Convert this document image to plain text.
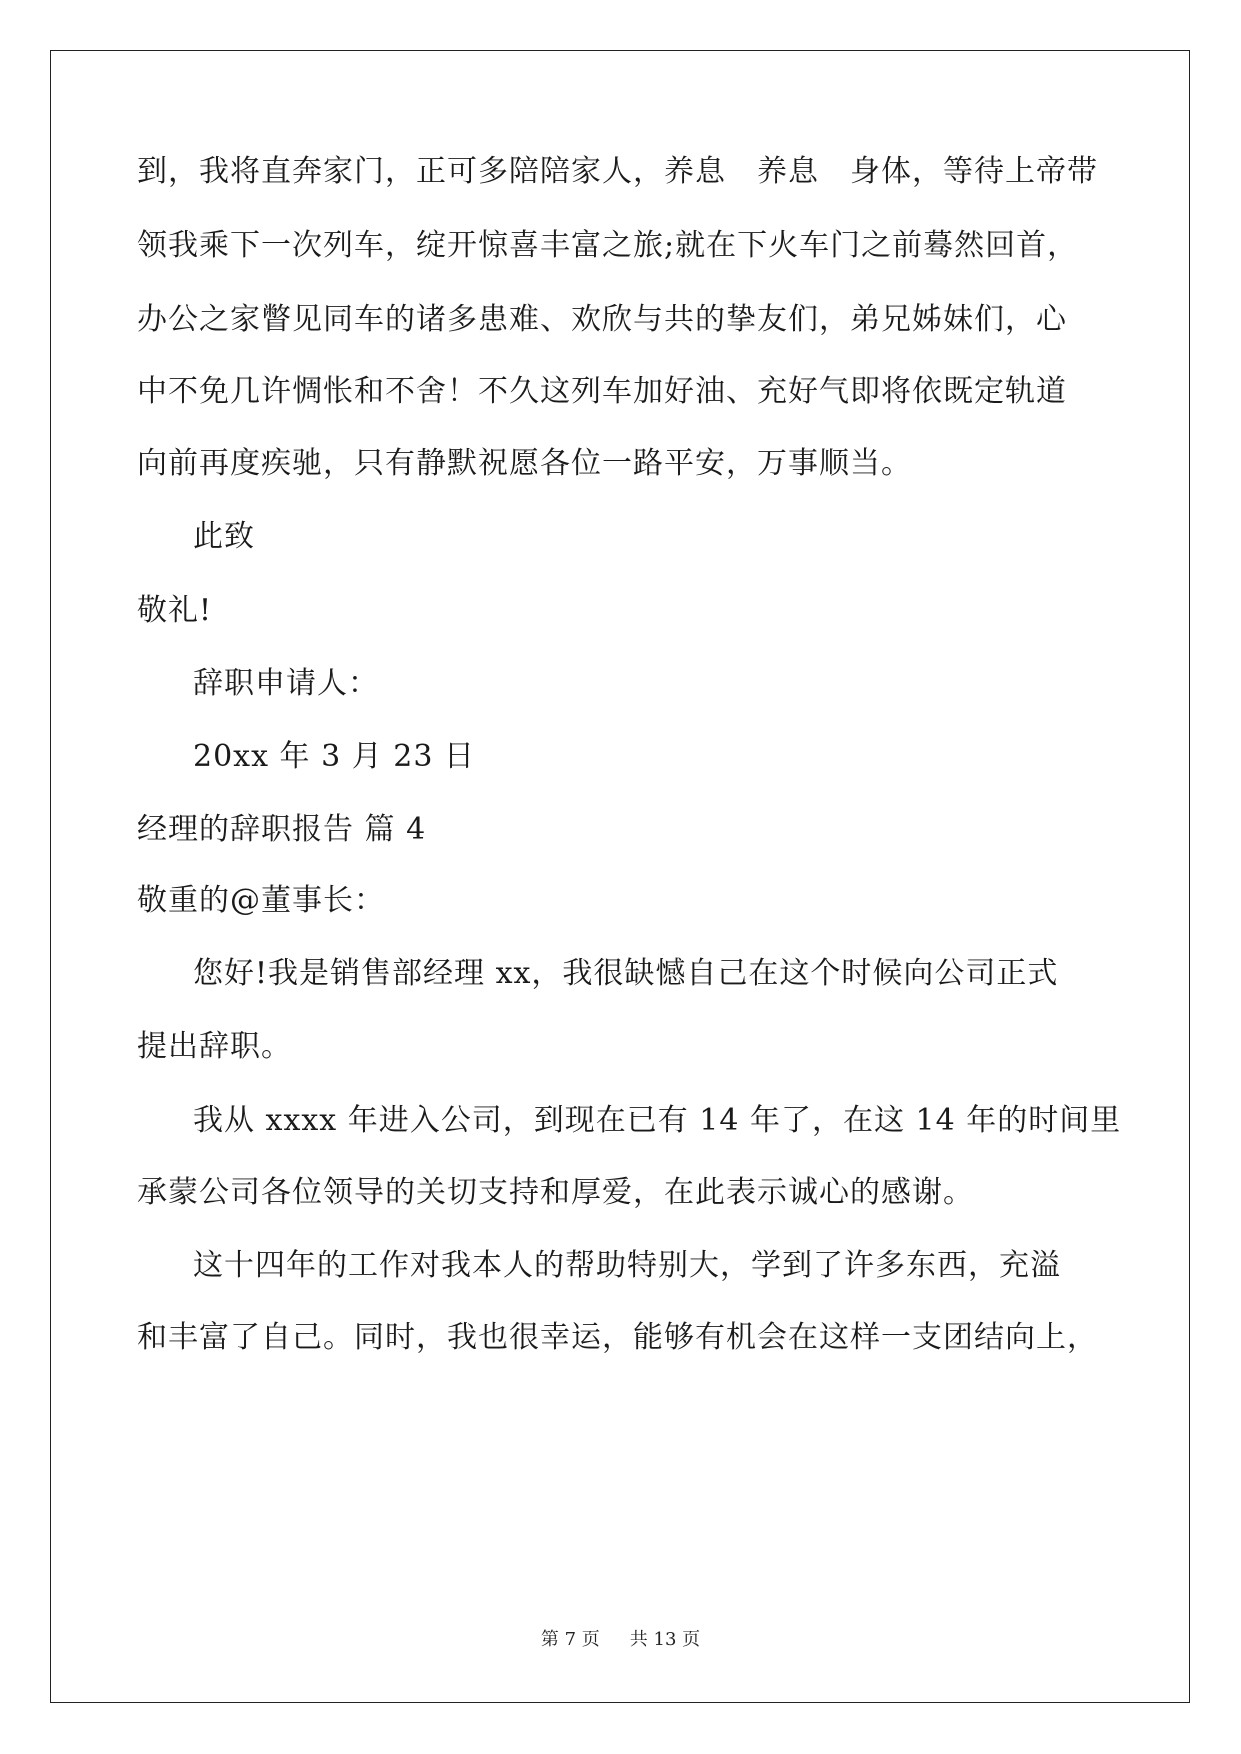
到，我将直奔家门，正可多陪陪家人，养息　养息　身体，等待上帝带
领我乘下一次列车，绽开惊喜丰富之旅;就在下火车门之前蓦然回首，
办公之家瞥见同车的诸多患难、欢欣与共的挚友们，弟兄姊妹们，心
中不免几许惆怅和不舍！不久这列车加好油、充好气即将依既定轨道
向前再度疾驰，只有静默祝愿各位一路平安，万事顺当。
此致
敬礼!
辞职申请人：
20xx 年 3 月 23 日
经理的辞职报告 篇 4
敬重的@董事长：
您好!我是销售部经理 xx，我很缺憾自己在这个时候向公司正式
提出辞职。
我从 xxxx 年进入公司，到现在已有 14 年了，在这 14 年的时间里
承蒙公司各位领导的关切支持和厚爱，在此表示诚心的感谢。
这十四年的工作对我本人的帮助特别大，学到了许多东西，充溢
和丰富了自己。同时，我也很幸运，能够有机会在这样一支团结向上，
第 7 页 共 13 页
